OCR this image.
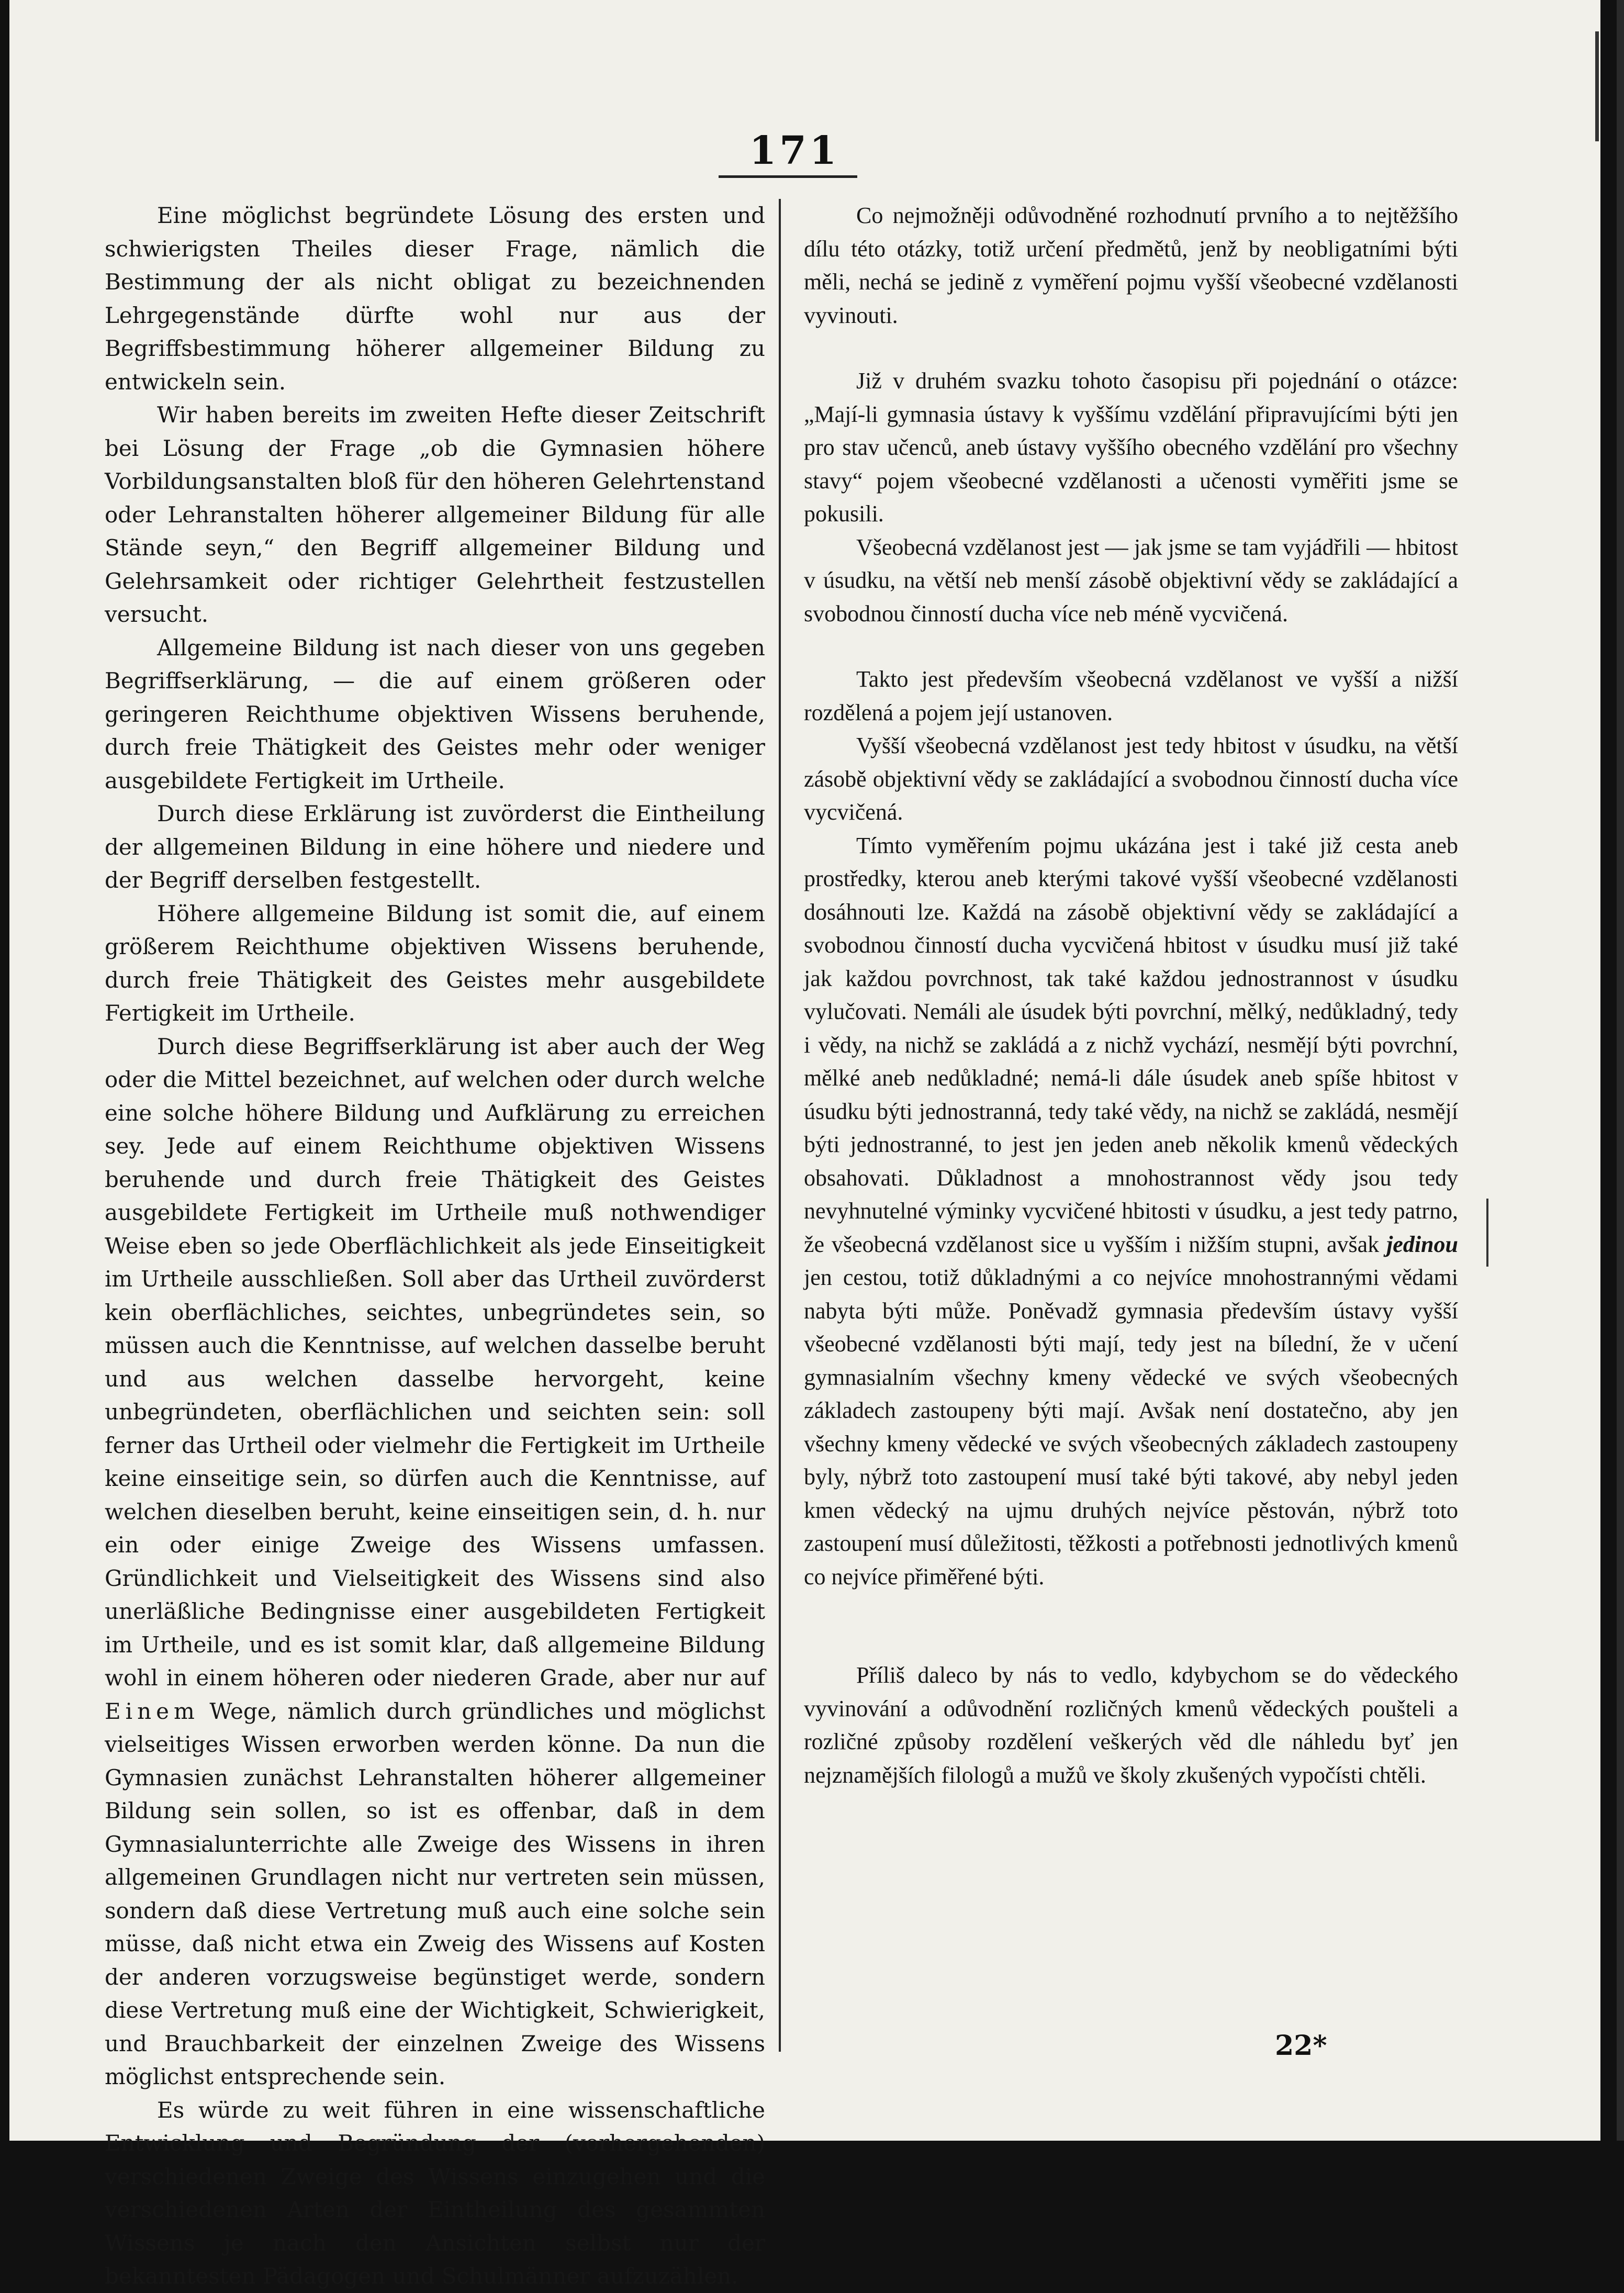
171

Eine möglichst begründete Lösung des ersten und schwierigsten Theiles dieser Frage, nämlich die Bestimmung der als nicht obligat zu bezeichnenden Lehrgegenstände dürfte wohl nur aus der Begriffsbestimmung höherer allgemeiner Bildung zu entwickeln sein.

Wir haben bereits im zweiten Hefte dieser Zeitschrift bei Lösung der Frage „ob die Gymnasien höhere Vorbildungsanstalten bloß für den höheren Gelehrtenstand oder Lehranstalten höherer allgemeiner Bildung für alle Stände seyn,“ den Begriff allgemeiner Bildung und Gelehrsamkeit oder richtiger Gelehrtheit festzustellen versucht.

Allgemeine Bildung ist nach dieser von uns gegeben Begriffserklärung, — die auf einem größeren oder geringeren Reichthume objektiven Wissens beruhende, durch freie Thätigkeit des Geistes mehr oder weniger ausgebildete Fertigkeit im Urtheile.

Durch diese Erklärung ist zuvörderst die Eintheilung der allgemeinen Bildung in eine höhere und niedere und der Begriff derselben festgestellt.

Höhere allgemeine Bildung ist somit die, auf einem größerem Reichthume objektiven Wissens beruhende, durch freie Thätigkeit des Geistes mehr ausgebildete Fertigkeit im Urtheile.

Durch diese Begriffserklärung ist aber auch der Weg oder die Mittel bezeichnet, auf welchen oder durch welche eine solche höhere Bildung und Aufklärung zu erreichen sey. Jede auf einem Reichthume objektiven Wissens beruhende und durch freie Thätigkeit des Geistes ausgebildete Fertigkeit im Urtheile muß nothwendiger Weise eben so jede Oberflächlichkeit als jede Einseitigkeit im Urtheile ausschließen. Soll aber das Urtheil zuvörderst kein oberflächliches, seichtes, unbegründetes sein, so müssen auch die Kenntnisse, auf welchen dasselbe beruht und aus welchen dasselbe hervorgeht, keine unbegründeten, oberflächlichen und seichten sein: soll ferner das Urtheil oder vielmehr die Fertigkeit im Urtheile keine einseitige sein, so dürfen auch die Kenntnisse, auf welchen dieselben beruht, keine einseitigen sein, d. h. nur ein oder einige Zweige des Wissens umfassen. Gründlichkeit und Vielseitigkeit des Wissens sind also unerläßliche Bedingnisse einer ausgebildeten Fertigkeit im Urtheile, und es ist somit klar, daß allgemeine Bildung wohl in einem höheren oder niederen Grade, aber nur auf Einem Wege, nämlich durch gründliches und möglichst vielseitiges Wissen erworben werden könne. Da nun die Gymnasien zunächst Lehranstalten höherer allgemeiner Bildung sein sollen, so ist es offenbar, daß in dem Gymnasialunterrichte alle Zweige des Wissens in ihren allgemeinen Grundlagen nicht nur vertreten sein müssen, sondern daß diese Vertretung muß auch eine solche sein müsse, daß nicht etwa ein Zweig des Wissens auf Kosten der anderen vorzugsweise begünstiget werde, sondern diese Vertretung muß eine der Wichtigkeit, Schwierigkeit, und Brauchbarkeit der einzelnen Zweige des Wissens möglichst entsprechende sein.

Es würde zu weit führen in eine wissenschaftliche Entwicklung und Begründung der (vorhergehenden) verschiedenen Zweige des Wissens einzugehen und die verschiedenen Arten der Eintheilung des gesammten Wissens je nach den Ansichten selbst nur der bekanntesten Pädagogen und Schulmänner aufzuzählen.

Co nejmožněji odůvodněné rozhodnutí prvního a to nejtěžšího dílu této otázky, totiž určení předmětů, jenž by neobligatními býti měli, nechá se jedině z vyměření pojmu vyšší všeobecné vzdělanosti vyvinouti.

Již v druhém svazku tohoto časopisu při pojednání o otázce: „Mají-li gymnasia ústavy k vyššímu vzdělání připravujícími býti jen pro stav učenců, aneb ústavy vyššího obecného vzdělání pro všechny stavy“ pojem všeobecné vzdělanosti a učenosti vyměřiti jsme se pokusili.

Všeobecná vzdělanost jest — jak jsme se tam vyjádřili — hbitost v úsudku, na větší neb menší zásobě objektivní vědy se zakládající a svobodnou činností ducha více neb méně vycvičená.

Takto jest především všeobecná vzdělanost ve vyšší a nižší rozdělená a pojem její ustanoven.

Vyšší všeobecná vzdělanost jest tedy hbitost v úsudku, na větší zásobě objektivní vědy se zakládající a svobodnou činností ducha více vycvičená.

Tímto vyměřením pojmu ukázána jest i také již cesta aneb prostředky, kterou aneb kterými takové vyšší všeobecné vzdělanosti dosáhnouti lze. Každá na zásobě objektivní vědy se zakládající a svobodnou činností ducha vycvičená hbitost v úsudku musí již také jak každou povrchnost, tak také každou jednostrannost v úsudku vylučovati. Nemáli ale úsudek býti povrchní, mělký, nedůkladný, tedy i vědy, na nichž se zakládá a z nichž vychází, nesmějí býti povrchní, mělké aneb nedůkladné; nemá-li dále úsudek aneb spíše hbitost v úsudku býti jednostranná, tedy také vědy, na nichž se zakládá, nesmějí býti jednostranné, to jest jen jeden aneb několik kmenů vědeckých obsahovati. Důkladnost a mnohostrannost vědy jsou tedy nevyhnutelné výminky vycvičené hbitosti v úsudku, a jest tedy patrno, že všeobecná vzdělanost sice u vyšším i nižším stupni, avšak jedinou jen cestou, totiž důkladnými a co nejvíce mnohostrannými vědami nabyta býti může. Poněvadž gymnasia především ústavy vyšší všeobecné vzdělanosti býti mají, tedy jest na bílední, že v učení gymnasialním všechny kmeny vědecké ve svých všeobecných základech zastoupeny býti mají. Avšak není dostatečno, aby jen všechny kmeny vědecké ve svých všeobecných základech zastoupeny byly, nýbrž toto zastoupení musí také býti takové, aby nebyl jeden kmen vědecký na ujmu druhých nejvíce pěstován, nýbrž toto zastoupení musí důležitosti, těžkosti a potřebnosti jednotlivých kmenů co nejvíce přiměřené býti.

Příliš daleco by nás to vedlo, kdybychom se do vědeckého vyvinování a odůvodnění rozličných kmenů vědeckých poušteli a rozličné způsoby rozdělení veškerých věd dle náhledu byť jen nejznamějších filologů a mužů ve školy zkušených vypočísti chtěli.

22*
